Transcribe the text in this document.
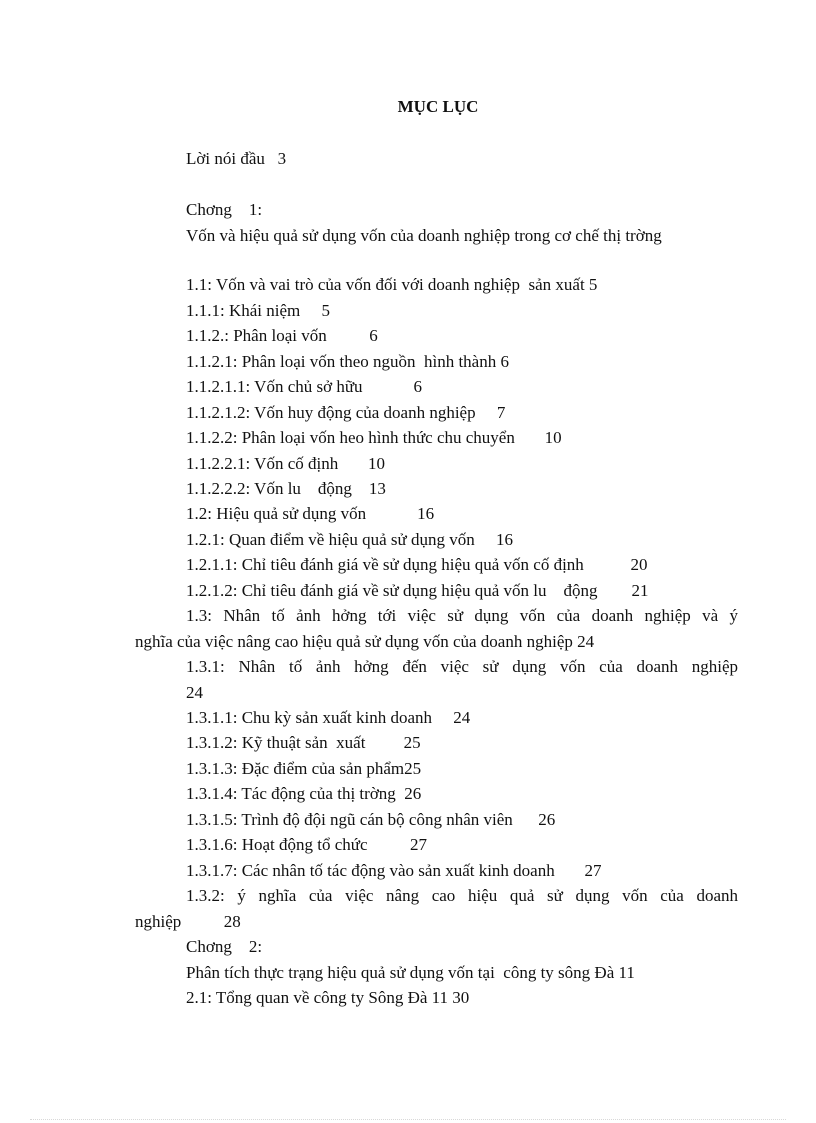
MỤC LỤC
Lời nói đầu   3
Chơng    1:
Vốn và hiệu quả sử dụng vốn của doanh nghiệp trong cơ chế thị trờng
1.1: Vốn và vai trò của vốn đối với doanh nghiệp  sản xuất 5
1.1.1: Khái niệm     5
1.1.2.: Phân loại vốn          6
1.1.2.1: Phân loại vốn theo nguồn  hình thành 6
1.1.2.1.1: Vốn chủ sở hữu            6
1.1.2.1.2: Vốn huy động của doanh nghiệp     7
1.1.2.2: Phân loại vốn heo hình thức chu chuyển       10
1.1.2.2.1: Vốn cố định       10
1.1.2.2.2: Vốn lu    động    13
1.2: Hiệu quả sử dụng vốn            16
1.2.1: Quan điểm về hiệu quả sử dụng vốn     16
1.2.1.1: Chỉ tiêu đánh giá về sử dụng hiệu quả vốn cố định           20
1.2.1.2: Chỉ tiêu đánh giá về sử dụng hiệu quả vốn lu    động        21
1.3: Nhân tố ảnh hởng tới việc sử dụng vốn của doanh nghiệp và ý
nghĩa của việc nâng cao hiệu quả sử dụng vốn của doanh nghiệp 24
1.3.1: Nhân tố ảnh hởng đến việc sử dụng vốn của doanh nghiệp
24
1.3.1.1: Chu kỳ sản xuất kinh doanh     24
1.3.1.2: Kỹ thuật sản  xuất         25
1.3.1.3: Đặc điểm của sản phẩm25
1.3.1.4: Tác động của thị trờng  26
1.3.1.5: Trình độ đội ngũ cán bộ công nhân viên      26
1.3.1.6: Hoạt động tổ chức          27
1.3.1.7: Các nhân tố tác động vào sản xuất kinh doanh       27
1.3.2: ý nghĩa của việc nâng cao hiệu quả sử dụng vốn của doanh
nghiệp          28
Chơng    2:
Phân tích thực trạng hiệu quả sử dụng vốn tại  công ty sông Đà 11
2.1: Tổng quan về công ty Sông Đà 11 30
